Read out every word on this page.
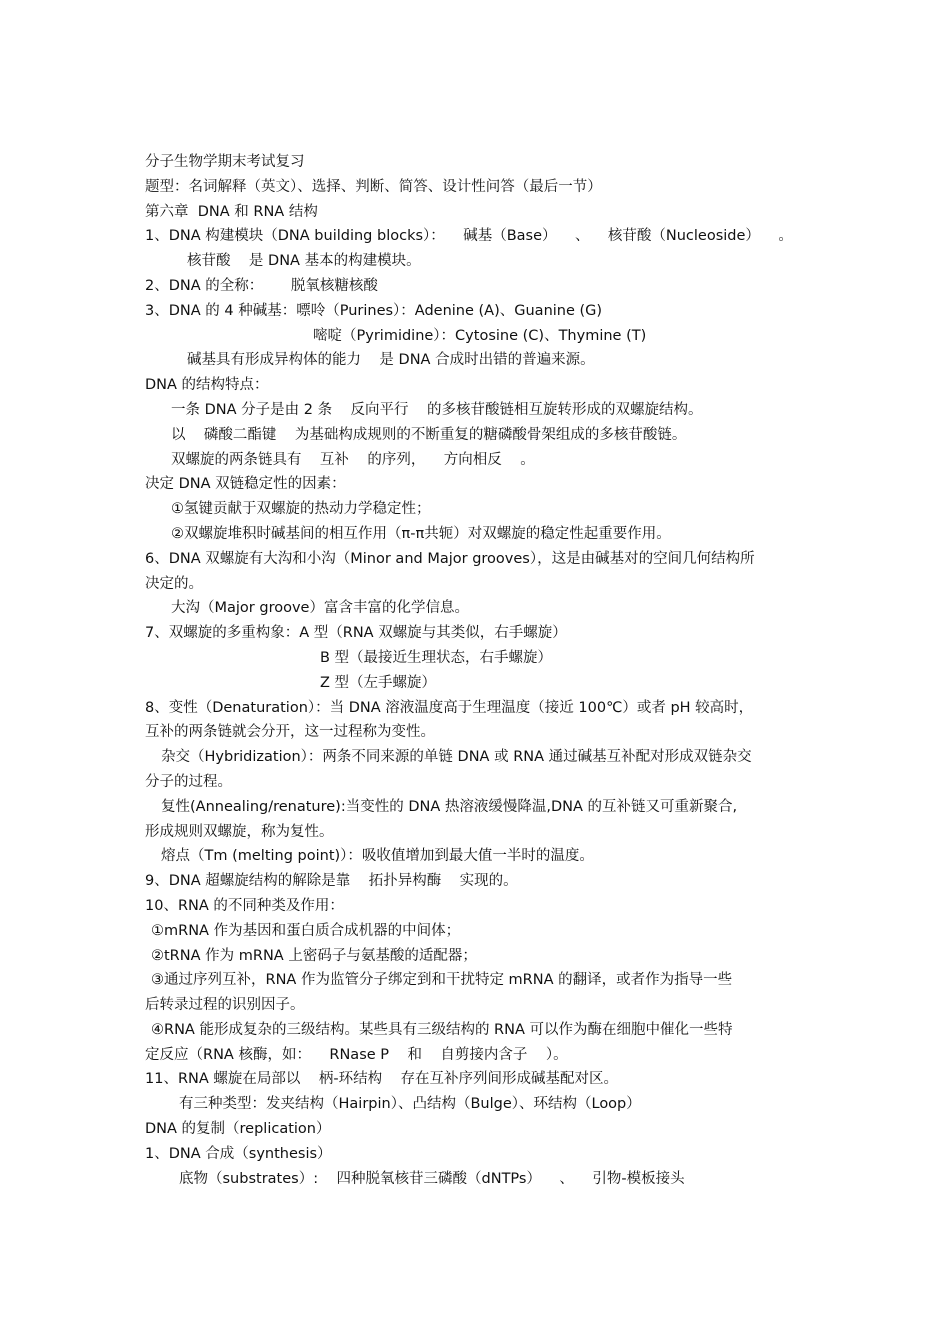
分子生物学期末考试复习
题型：名词解释（英文）、选择、判断、简答、设计性问答（最后一节）
第六章  DNA 和 RNA 结构
1、DNA 构建模块（DNA building blocks）：    碱基（Base）    、    核苷酸（Nucleoside）    。
核苷酸    是 DNA 基本的构建模块。
2、DNA 的全称：      脱氧核糖核酸
3、DNA 的 4 种碱基：嘌呤（Purines）：Adenine (A)、Guanine (G)
嘧啶（Pyrimidine）：Cytosine (C)、Thymine (T)
碱基具有形成异构体的能力    是 DNA 合成时出错的普遍来源。
DNA 的结构特点：
一条 DNA 分子是由 2 条    反向平行    的多核苷酸链相互旋转形成的双螺旋结构。
以    磷酸二酯键    为基础构成规则的不断重复的糖磷酸骨架组成的多核苷酸链。
双螺旋的两条链具有    互补    的序列，    方向相反    。
决定 DNA 双链稳定性的因素：
①氢键贡献于双螺旋的热动力学稳定性；
②双螺旋堆积时碱基间的相互作用（π-π共轭）对双螺旋的稳定性起重要作用。
6、DNA 双螺旋有大沟和小沟（Minor and Major grooves），这是由碱基对的空间几何结构所
决定的。
大沟（Major groove）富含丰富的化学信息。
7、双螺旋的多重构象：A 型（RNA 双螺旋与其类似，右手螺旋）
B 型（最接近生理状态，右手螺旋）
Z 型（左手螺旋）
8、变性（Denaturation）：当 DNA 溶液温度高于生理温度（接近 100℃）或者 pH 较高时，
互补的两条链就会分开，这一过程称为变性。
杂交（Hybridization）：两条不同来源的单链 DNA 或 RNA 通过碱基互补配对形成双链杂交
分子的过程。
复性(Annealing/renature):当变性的 DNA 热溶液缓慢降温,DNA 的互补链又可重新聚合,
形成规则双螺旋，称为复性。
熔点（Tm (melting point)）：吸收值增加到最大值一半时的温度。
9、DNA 超螺旋结构的解除是靠    拓扑异构酶    实现的。
10、RNA 的不同种类及作用：
①mRNA 作为基因和蛋白质合成机器的中间体；
②tRNA 作为 mRNA 上密码子与氨基酸的适配器；
③通过序列互补，RNA 作为监管分子绑定到和干扰特定 mRNA 的翻译，或者作为指导一些
后转录过程的识别因子。
④RNA 能形成复杂的三级结构。某些具有三级结构的 RNA 可以作为酶在细胞中催化一些特
定反应（RNA 核酶，如：    RNase P    和    自剪接内含子    ）。
11、RNA 螺旋在局部以    柄-环结构    存在互补序列间形成碱基配对区。
有三种类型：发夹结构（Hairpin）、凸结构（Bulge）、环结构（Loop）
DNA 的复制（replication）
1、DNA 合成（synthesis）
底物（substrates）:    四种脱氧核苷三磷酸（dNTPs）    、    引物-模板接头
